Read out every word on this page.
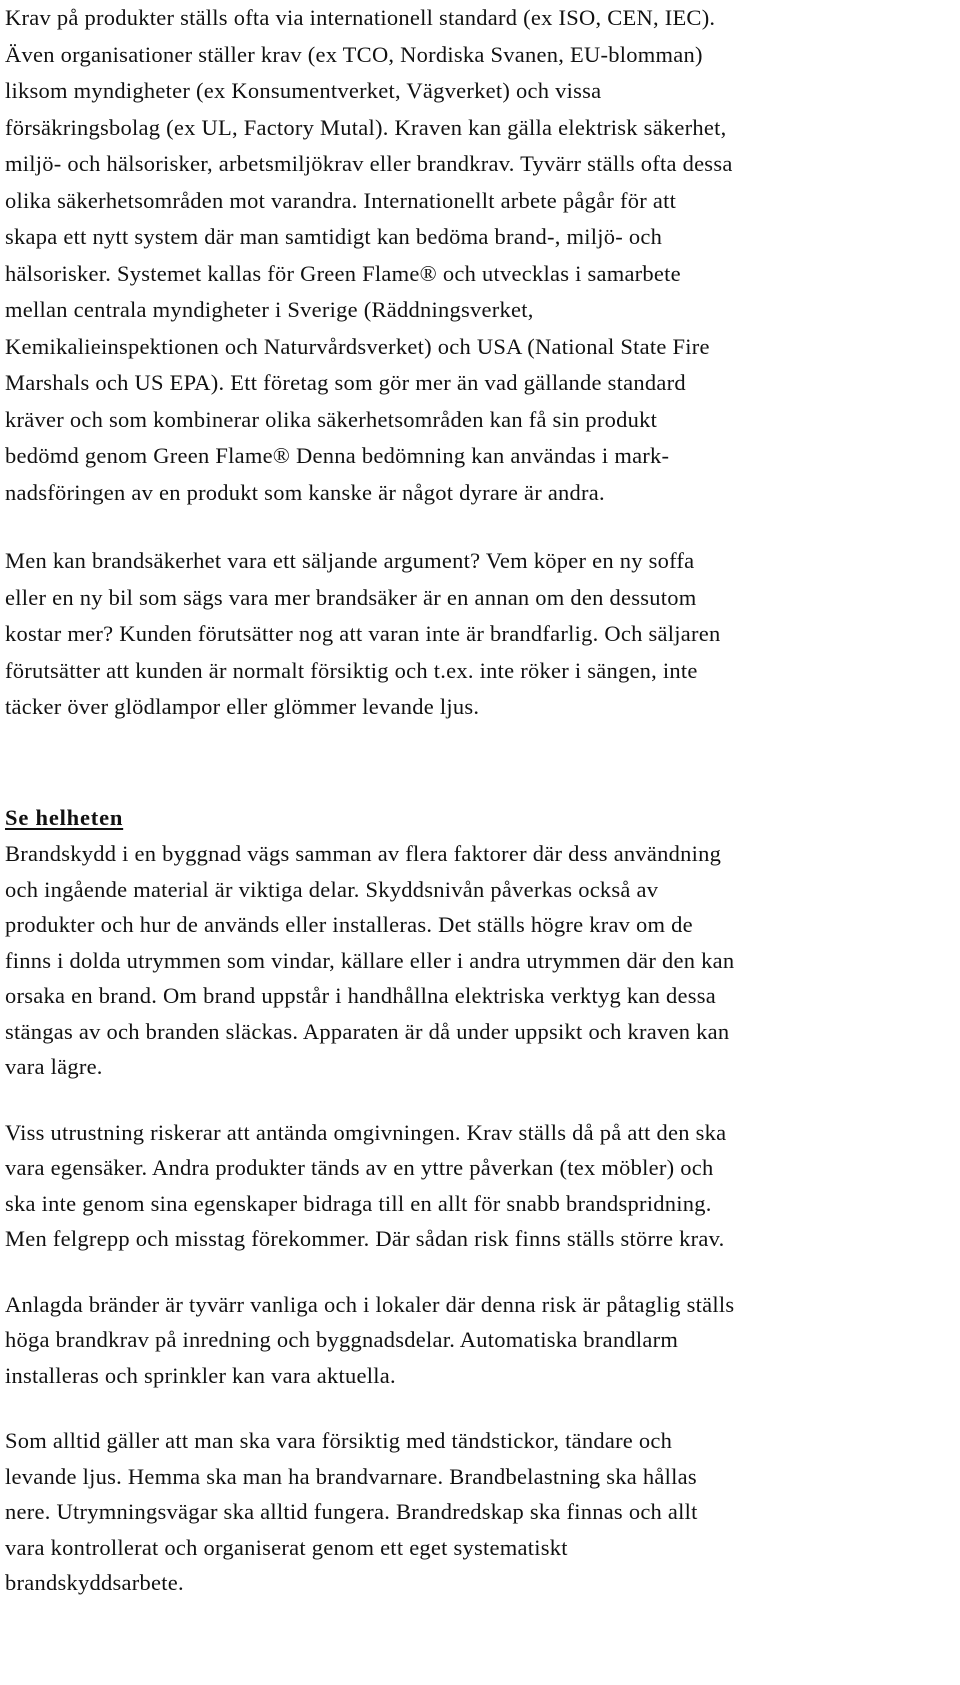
Krav på produkter ställs ofta via internationell standard (ex ISO, CEN, IEC).
Även organisationer ställer krav (ex TCO, Nordiska Svanen, EU-blomman)
liksom myndigheter (ex Konsumentverket, Vägverket) och vissa
försäkringsbolag (ex UL, Factory Mutal). Kraven kan gälla elektrisk säkerhet,
miljö- och hälsorisker, arbetsmiljökrav eller brandkrav. Tyvärr ställs ofta dessa
olika säkerhetsområden mot varandra. Internationellt arbete pågår för att
skapa ett nytt system där man samtidigt kan bedöma brand-, miljö- och
hälsorisker. Systemet kallas för Green Flame® och utvecklas i samarbete
mellan centrala myndigheter i Sverige (Räddningsverket,
Kemikalieinspektionen och Naturvårdsverket) och USA (National State Fire
Marshals och US EPA). Ett företag som gör mer än vad gällande standard
kräver och som kombinerar olika säkerhetsområden kan få sin produkt
bedömd genom Green Flame® Denna bedömning kan användas i mark-
nadsföringen av en produkt som kanske är något dyrare är andra.

Men kan brandsäkerhet vara ett säljande argument? Vem köper en ny soffa
eller en ny bil som sägs vara mer brandsäker är en annan om den dessutom
kostar mer? Kunden förutsätter nog att varan inte är brandfarlig. Och säljaren
förutsätter att kunden är normalt försiktig och t.ex. inte röker i sängen, inte
täcker över glödlampor eller glömmer levande ljus.

Se helheten

Brandskydd i en byggnad vägs samman av flera faktorer där dess användning
och ingående material är viktiga delar. Skyddsnivån påverkas också av
produkter och hur de används eller installeras. Det ställs högre krav om de
finns i dolda utrymmen som vindar, källare eller i andra utrymmen där den kan
orsaka en brand. Om brand uppstår i handhållna elektriska verktyg kan dessa
stängas av och branden släckas. Apparaten är då under uppsikt och kraven kan
vara lägre.

Viss utrustning riskerar att antända omgivningen. Krav ställs då på att den ska
vara egensäker. Andra produkter tänds av en yttre påverkan (tex möbler) och
ska inte genom sina egenskaper bidraga till en allt för snabb brandspridning.
Men felgrepp och misstag förekommer. Där sådan risk finns ställs större krav.

Anlagda bränder är tyvärr vanliga och i lokaler där denna risk är påtaglig ställs
höga brandkrav på inredning och byggnadsdelar. Automatiska brandlarm
installeras och sprinkler kan vara aktuella.

Som alltid gäller att man ska vara försiktig med tändstickor, tändare och
levande ljus. Hemma ska man ha brandvarnare. Brandbelastning ska hållas
nere. Utrymningsvägar ska alltid fungera. Brandredskap ska finnas och allt
vara kontrollerat och organiserat genom ett eget systematiskt
brandskyddsarbete.
